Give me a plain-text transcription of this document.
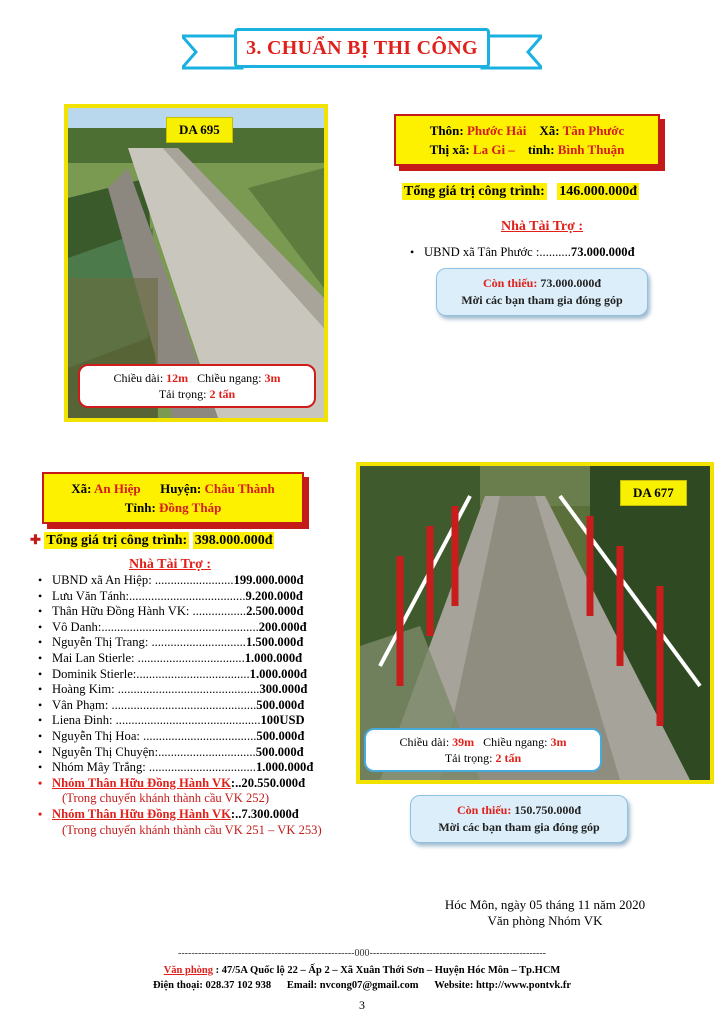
3. CHUẨN BỊ THI CÔNG
DA 695
Chiều dài: 12m Chiều ngang: 3m
Tải trọng: 2 tấn
Thôn: Phước Hải Xã: Tân Phước
Thị xã: La Gi – tỉnh: Bình Thuận
Tổng giá trị công trình: 146.000.000đ
Nhà Tài Trợ :
• UBND xã Tân Phước :..........73.000.000đ
Còn thiếu: 73.000.000đ
Mời các bạn tham gia đóng góp
Xã: An Hiệp Huyện: Châu Thành
Tỉnh: Đồng Tháp
✚ Tổng giá trị công trình: 398.000.000đ
Nhà Tài Trợ :
• UBND xã An Hiệp: .........................199.000.000đ
• Lưu Văn Tánh:.....................................9.200.000đ
• Thân Hữu Đồng Hành VK: .................2.500.000đ
• Vô Danh:..................................................200.000đ
• Nguyễn Thị Trang: ..............................1.500.000đ
• Mai Lan Stierle: ..................................1.000.000đ
• Dominik Stierle:....................................1.000.000đ
• Hoàng Kim: .............................................300.000đ
• Vân Phạm: ..............................................500.000đ
• Liena Đinh: ..............................................100USD
• Nguyễn Thị Hoa: ....................................500.000đ
• Nguyễn Thị Chuyện:...............................500.000đ
• Nhóm Mây Trắng: ..................................1.000.000đ
• Nhóm Thân Hữu Đồng Hành VK:..20.550.000đ
(Trong chuyến khánh thành cầu VK 252)
• Nhóm Thân Hữu Đồng Hành VK:..7.300.000đ
(Trong chuyến khánh thành cầu VK 251 – VK 253)
DA 677
Chiều dài: 39m Chiều ngang: 3m
Tải trọng: 2 tấn
Còn thiếu: 150.750.000đ
Mời các bạn tham gia đóng góp
Hóc Môn, ngày 05 tháng 11 năm 2020
Văn phòng Nhóm VK
-----------------------------------------------------000-----------------------------------------------------
Văn phòng : 47/5A Quốc lộ 22 – Ấp 2 – Xã Xuân Thới Sơn – Huyện Hóc Môn – Tp.HCM
Điện thoại: 028.37 102 938 Email: nvcong07@gmail.com Website: http://www.pontvk.fr
3
